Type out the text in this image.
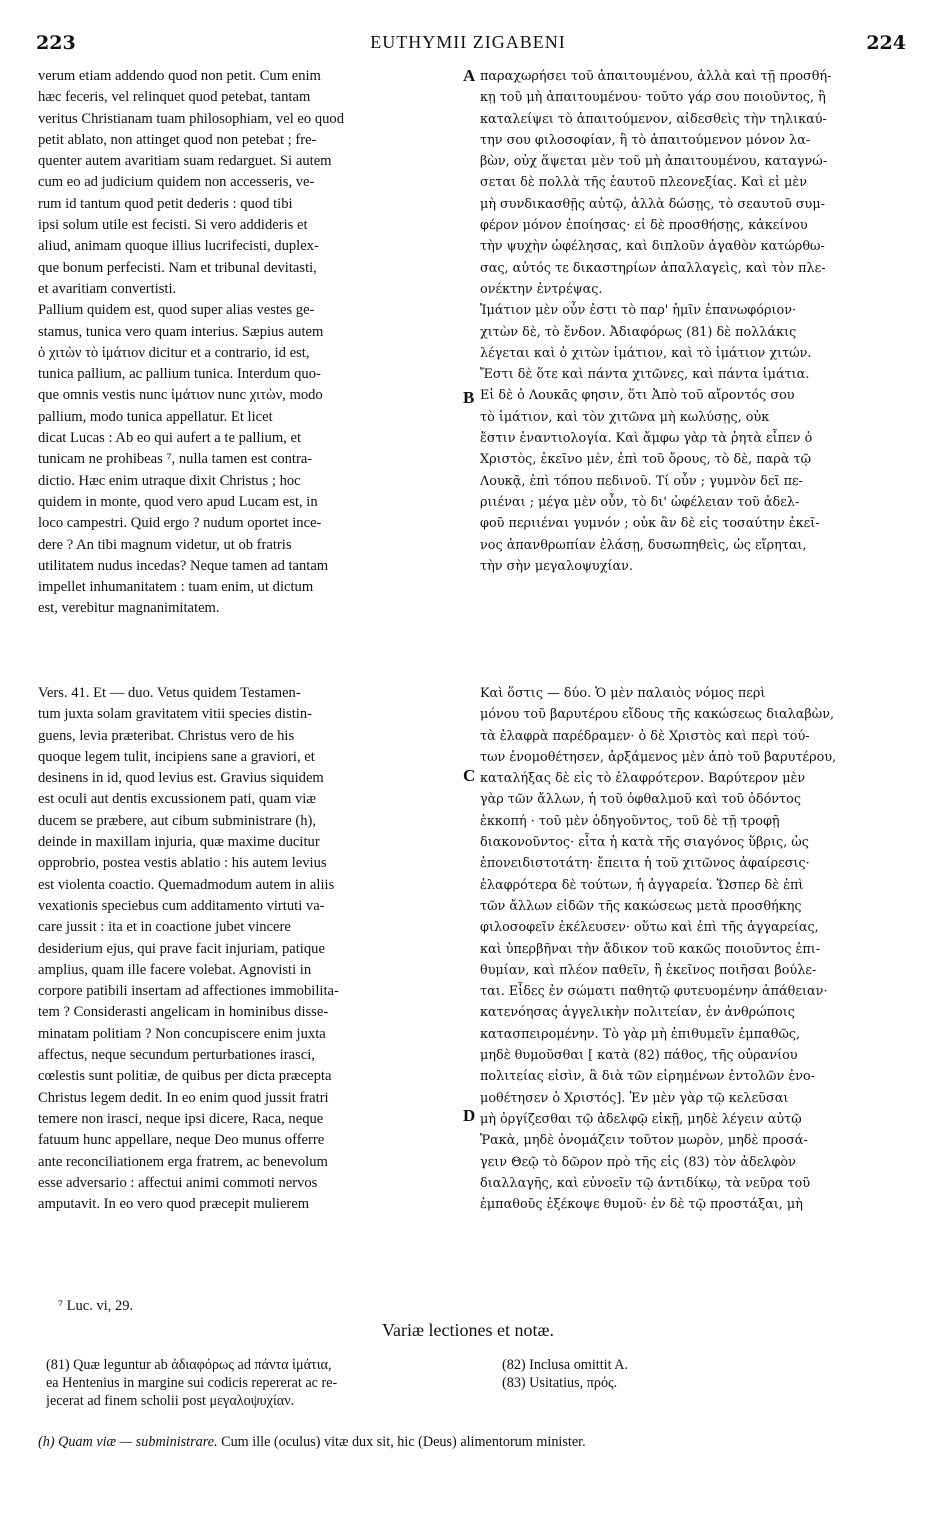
223	EUTHYMII ZIGABENI	224
verum etiam addendo quod non petit. Cum enim
hæc feceris, vel relinquet quod petebat, tantam
veritus Christianam tuam philosophiam, vel eo quod
petit ablato, non attinget quod non petebat ; fre-
quenter autem avaritiam suam redarguet. Si autem
cum eo ad judicium quidem non accesseris, ve-
rum id tantum quod petit dederis : quod tibi
ipsi solum utile est fecisti. Si vero addideris et
aliud, animam quoque illius lucrifecisti, duplex-
que bonum perfecisti. Nam et tribunal devitasti,
et avaritiam convertisti.
Pallium quidem est, quod super alias vestes ge-
stamus, tunica vero quam interius. Sæpius autem
ὁ χιτὼν τὸ ἱμάτιον dicitur et a contrario, id est,
tunica pallium, ac pallium tunica. Interdum quo-
que omnis vestis nunc ἱμάτιον nunc χιτὼν, modo
pallium, modo tunica appellatur. Et licet
dicat Lucas : Ab eo qui aufert a te pallium, et
tunicam ne prohibeas ⁷, nulla tamen est contra-
dictio. Hæc enim utraque dixit Christus ; hoc
quidem in monte, quod vero apud Lucam est, in
loco campestri. Quid ergo ? nudum oportet ince-
dere ? An tibi magnum videtur, ut ob fratris
utilitatem nudus incedas? Neque tamen ad tantam
impellet inhumanitatem : tuam enim, ut dictum
est, verebitur magnanimitatem.
παραχωρήσει τοῦ ἀπαιτουμένου, ἀλλὰ καὶ τῇ προσθή-
κῃ τοῦ μὴ ἀπαιτουμένου· τοῦτο γάρ σου ποιοῦντος, ἢ
καταλείψει τὸ ἀπαιτούμενον, αἰδεσθεὶς τὴν τηλικαύ-
την σου φιλοσοφίαν, ἢ τὸ ἀπαιτούμενον μόνον λα-
βὼν, οὐχ ἅψεται μὲν τοῦ μὴ ἀπαιτουμένου, καταγνώ-
σεται δὲ πολλὰ τῆς ἑαυτοῦ πλεονεξίας. Καὶ εἰ μὲν
μὴ συνδικασθῇς αὐτῷ, ἀλλὰ δώσῃς, τὸ σεαυτοῦ συμ-
φέρον μόνον ἐποίησας· εἰ δὲ προσθήσῃς, κἀκείνου
τὴν ψυχὴν ὠφέλησας, καὶ διπλοῦν ἀγαθὸν κατώρθω-
σας, αὐτός τε δικαστηρίων ἀπαλλαγεὶς, καὶ τὸν πλε-
ονέκτην ἐντρέψας.
Ἱμάτιον μὲν οὖν ἐστι τὸ παρ' ἡμῖν ἐπανωφόριον·
χιτὼν δὲ, τὸ ἔνδον. Ἀδιαφόρως (81) δὲ πολλάκις
λέγεται καὶ ὁ χιτὼν ἱμάτιον, καὶ τὸ ἱμάτιον χιτών.
Ἔστι δὲ ὅτε καὶ πάντα χιτῶνες, καὶ πάντα ἱμάτια.
Εἰ δὲ ὁ Λουκᾶς φησιν, ὅτι Ἀπὸ τοῦ αἴροντός σου
τὸ ἱμάτιον, καὶ τὸν χιτῶνα μὴ κωλύσῃς, οὐκ
ἔστιν ἐναντιολογία. Καὶ ἄμφω γὰρ τὰ ῥητὰ εἶπεν ὁ
Χριστὸς, ἐκεῖνο μὲν, ἐπὶ τοῦ ὄρους, τὸ δὲ, παρὰ τῷ
Λουκᾷ, ἐπὶ τόπου πεδινοῦ. Τί οὖν ; γυμνὸν δεῖ πε-
ριιέναι ; μέγα μὲν οὖν, τὸ δι' ὠφέλειαν τοῦ ἀδελ-
φοῦ περιιέναι γυμνόν ; οὐκ ἂν δὲ εἰς τοσαύτην ἐκεῖ-
νος ἀπανθρωπίαν ἐλάσῃ, δυσωπηθεὶς, ὡς εἴρηται,
τὴν σὴν μεγαλοψυχίαν.
Vers. 41. Et — duo. Vetus quidem Testamen-
tum juxta solam gravitatem vitii species distin-
guens, levia præteribat. Christus vero de his
quoque legem tulit, incipiens sane a graviori, et
desinens in id, quod levius est. Gravius siquidem
est oculi aut dentis excussionem pati, quam viæ
ducem se præbere, aut cibum subministrare (h),
deinde in maxillam injuria, quæ maxime ducitur
opprobrio, postea vestis ablatio : his autem levius
est violenta coactio. Quemadmodum autem in aliis
vexationis speciebus cum additamento virtuti va-
care jussit : ita et in coactione jubet vincere
desiderium ejus, qui prave facit injuriam, patique
amplius, quam ille facere volebat. Agnovisti in
corpore patibili insertam ad affectiones immobilita-
tem ? Considerasti angelicam in hominibus disse-
minatam politiam ? Non concupiscere enim juxta
affectus, neque secundum perturbationes irasci,
cœlestis sunt politiæ, de quibus per dicta præcepta
Christus legem dedit. In eo enim quod jussit fratri
temere non irasci, neque ipsi dicere, Raca, neque
fatuum hunc appellare, neque Deo munus offerre
ante reconciliationem erga fratrem, ac benevolum
esse adversario : affectui animi commoti nervos
amputavit. In eo vero quod præcepit mulierem
Καὶ ὅστις — δύο. Ὁ μὲν παλαιὸς νόμος περὶ
μόνου τοῦ βαρυτέρου εἴδους τῆς κακώσεως διαλαβὼν,
τὰ ἐλαφρὰ παρέδραμεν· ὁ δὲ Χριστὸς καὶ περὶ τού-
των ἐνομοθέτησεν, ἀρξάμενος μὲν ἀπὸ τοῦ βαρυτέρου,
καταλήξας δὲ εἰς τὸ ἐλαφρότερον. Βαρύτερον μὲν
γὰρ τῶν ἄλλων, ἡ τοῦ ὀφθαλμοῦ καὶ τοῦ ὀδόντος
ἐκκοπή · τοῦ μὲν ὁδηγοῦντος, τοῦ δὲ τῇ τροφῇ
διακονοῦντος· εἶτα ἡ κατὰ τῆς σιαγόνος ὕβρις, ὡς
ἐπονειδιστοτάτη· ἔπειτα ἡ τοῦ χιτῶνος ἀφαίρεσις·
ἐλαφρότερα δὲ τούτων, ἡ ἀγγαρεία. Ὥσπερ δὲ ἐπὶ
τῶν ἄλλων εἰδῶν τῆς κακώσεως μετὰ προσθήκης
φιλοσοφεῖν ἐκέλευσεν· οὕτω καὶ ἐπὶ τῆς ἀγγαρείας,
καὶ ὑπερβῆναι τὴν ἄδικον τοῦ κακῶς ποιοῦντος ἐπι-
θυμίαν, καὶ πλέον παθεῖν, ἢ ἐκεῖνος ποιῆσαι βούλε-
ται. Εἶδες ἐν σώματι παθητῷ φυτευομένην ἀπάθειαν·
κατενόησας ἀγγελικὴν πολιτείαν, ἐν ἀνθρώποις
κατασπειρομένην. Τὸ γὰρ μὴ ἐπιθυμεῖν ἐμπαθῶς,
μηδὲ θυμοῦσθαι [ κατὰ (82) πάθος, τῆς οὐρανίου
πολιτείας εἰσὶν, ἃ διὰ τῶν εἰρημένων ἐντολῶν ἐνο-
μοθέτησεν ὁ Χριστός]. Ἐν μὲν γὰρ τῷ κελεῦσαι
μὴ ὀργίζεσθαι τῷ ἀδελφῷ εἰκῇ, μηδὲ λέγειν αὐτῷ
Ῥακὰ, μηδὲ ὀνομάζειν τοῦτον μωρὸν, μηδὲ προσά-
γειν Θεῷ τὸ δῶρον πρὸ τῆς εἰς (83) τὸν ἀδελφὸν
διαλλαγῆς, καὶ εὐνοεῖν τῷ ἀντιδίκῳ, τὰ νεῦρα τοῦ
ἐμπαθοῦς ἐξέκοψε θυμοῦ· ἐν δὲ τῷ προστάξαι, μὴ
A
B
C
D
⁷ Luc. vi, 29.
Variæ lectiones et notæ.
(81) Quæ leguntur ab ἀδιαφόρως ad πάντα ἱμάτια,
ea Hentenius in margine sui codicis repererat ac re-
jecerat ad finem scholii post μεγαλοψυχίαν.
(82) Inclusa omittit A.
(83) Usitatius, πρός.
(h) Quam viæ — subministrare. Cum ille (oculus) vitæ dux sit, hic (Deus) alimentorum minister.
